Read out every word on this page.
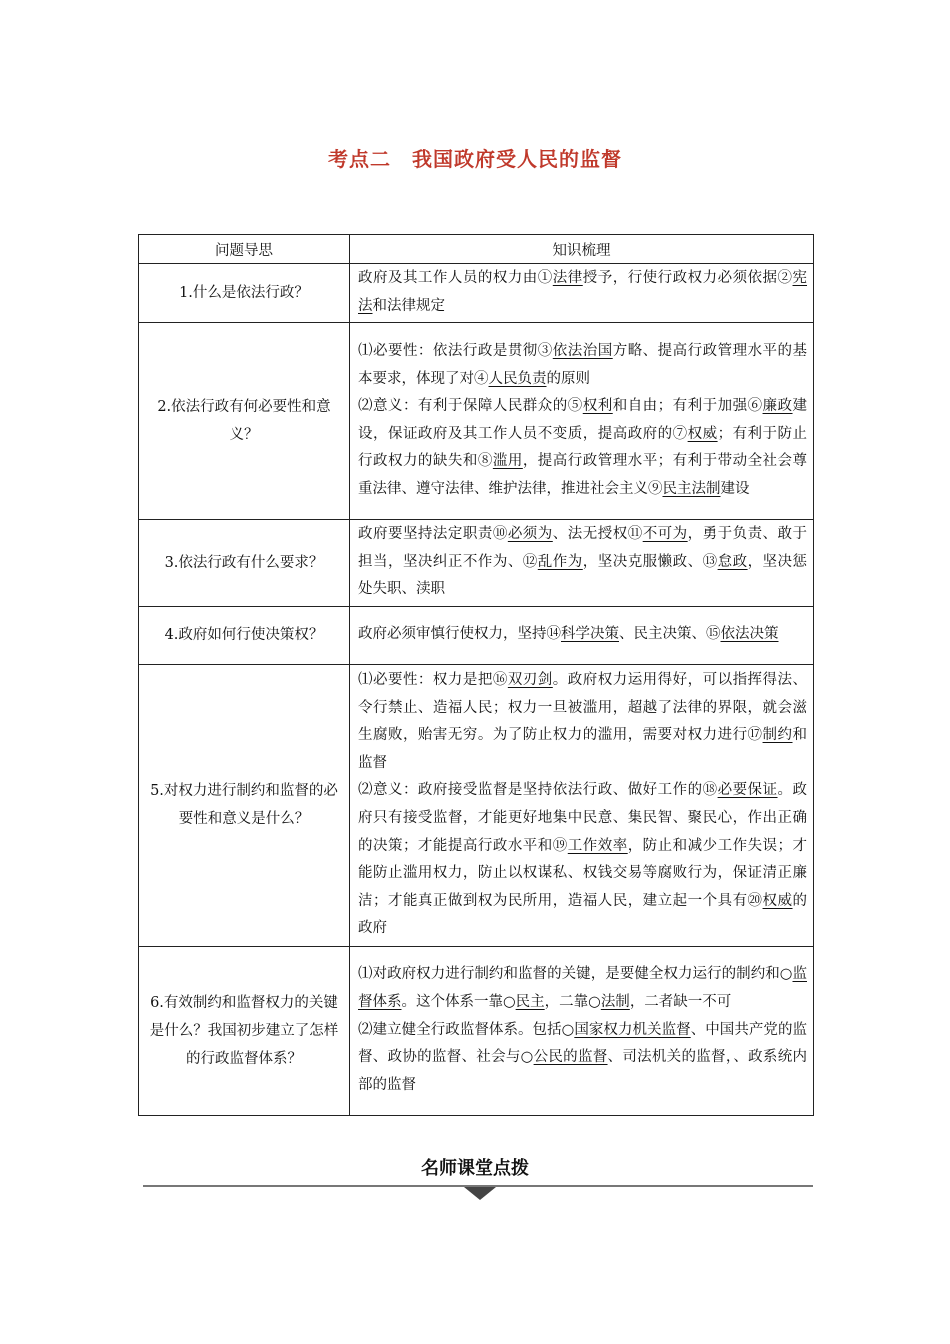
考点二　我国政府受人民的监督
问题导思	知识梳理
1.什么是依法行政？	政府及其工作人员的权力由①法律授予，行使行政权力必须依据②宪法和法律规定

2.依法行政有何必要性和意义？	⑴必要性：依法行政是贯彻③依法治国方略、提高行政管理水平的基本要求，体现了对④人民负责的原则

⑵意义：有利于保障人民群众的⑤权利和自由；有利于加强⑥廉政建设，保证政府及其工作人员不变质，提高政府的⑦权威；有利于防止行政权力的缺失和⑧滥用，提高行政管理水平；有利于带动全社会尊重法律、遵守法律、维护法律，推进社会主义⑨民主法制建设

3.依法行政有什么要求？	政府要坚持法定职责⑩必须为、法无授权⑪不可为，勇于负责、敢于担当，坚决纠正不作为、⑫乱作为，坚决克服懒政、⑬怠政，坚决惩处失职、渎职

4.政府如何行使决策权？	政府必须审慎行使权力，坚持⑭科学决策、民主决策、⑮依法决策

5.对权力进行制约和监督的必要性和意义是什么？	⑴必要性：权力是把⑯双刃剑。政府权力运用得好，可以指挥得法、令行禁止、造福人民；权力一旦被滥用，超越了法律的界限，就会滋生腐败，贻害无穷。为了防止权力的滥用，需要对权力进行⑰制约和监督

⑵意义：政府接受监督是坚持依法行政、做好工作的⑱必要保证。政府只有接受监督，才能更好地集中民意、集民智、聚民心，作出正确的决策；才能提高行政水平和⑲工作效率，防止和减少工作失误；才能防止滥用权力，防止以权谋私、权钱交易等腐败行为，保证清正廉洁；才能真正做到权为民所用，造福人民，建立起一个具有⑳权威的政府

6.有效制约和监督权力的关键是什么？我国初步建立了怎样的行政监督体系？	⑴对政府权力进行制约和监督的关键，是要健全权力运行的制约和○监督体系。这个体系一靠○民主，二靠○法制，二者缺一不可

⑵建立健全行政监督体系。包括○国家权力机关监督、中国共产党的监督、政协的监督、社会与○公民的监督、司法机关的监督，、政系统内部的监督

名师课堂点拨
